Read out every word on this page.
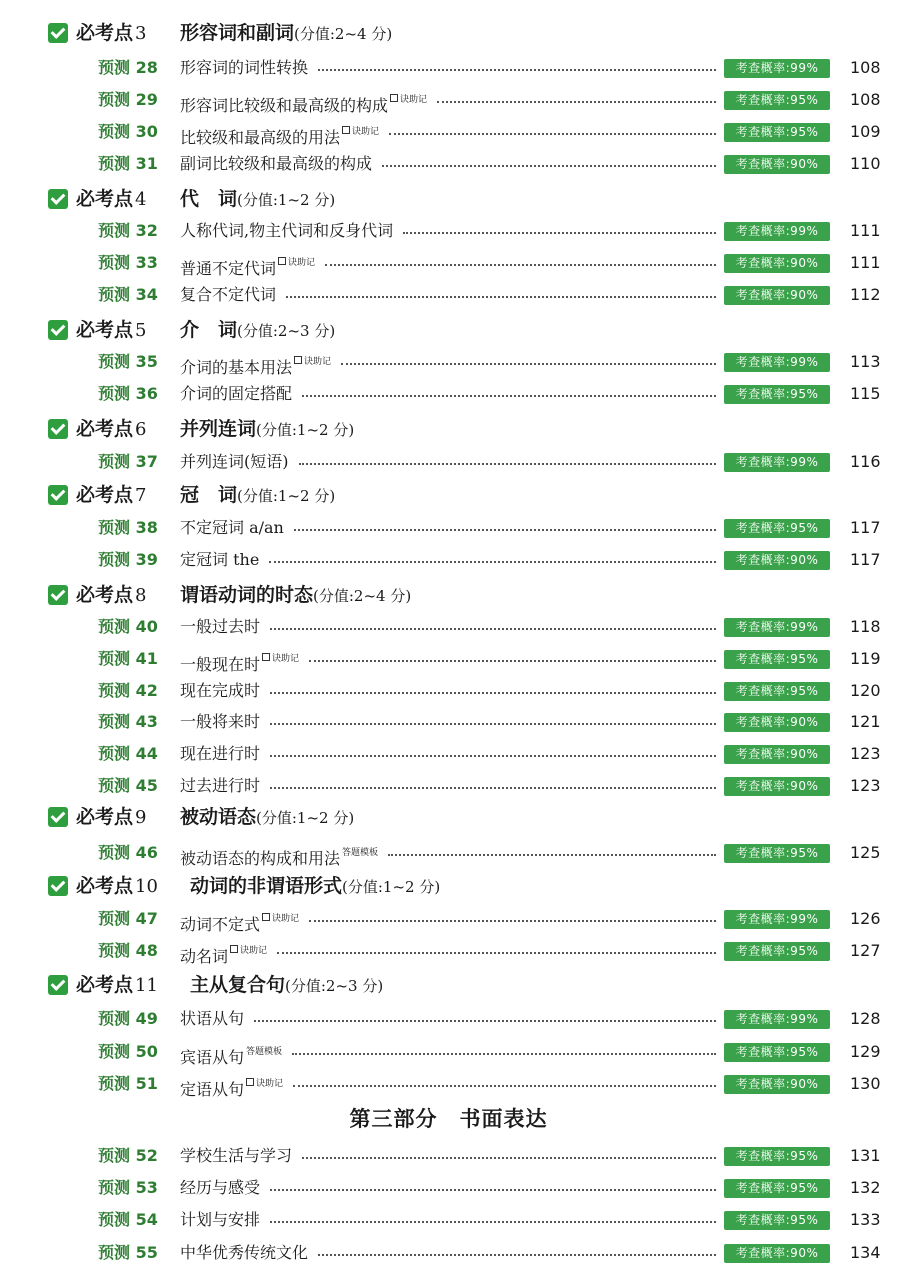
必考点 3 形容词和副词(分值:2~4 分)
预测 28 形容词的词性转换	考查概率:99%	108
预测 29 形容词比较级和最高级的构成 $^{诀助记}$	考查概率:95%	108
预测 30 比较级和最高级的用法 $^{诀助记}$	考查概率:95%	109
预测 31 副词比较级和最高级的构成	考查概率:90%	110
必考点 4 代　词(分值:1~2 分)
预测 32 人称代词,物主代词和反身代词	考查概率:99%	111
预测 33 普通不定代词 $^{诀助记}$	考查概率:90%	111
预测 34 复合不定代词	考查概率:90%	112
必考点 5 介　词(分值:2~3 分)
预测 35 介词的基本用法 $^{诀助记}$	考查概率:99%	113
预测 36 介词的固定搭配	考查概率:95%	115
必考点 6 并列连词(分值:1~2 分)
预测 37 并列连词(短语)	考查概率:99%	116
必考点 7 冠　词(分值:1~2 分)
预测 38 不定冠词 a/an	考查概率:95%	117
预测 39 定冠词 the	考查概率:90%	117
必考点 8 谓语动词的时态(分值:2~4 分)
预测 40 一般过去时	考查概率:99%	118
预测 41 一般现在时 $^{诀助记}$	考查概率:95%	119
预测 42 现在完成时	考查概率:95%	120
预测 43 一般将来时	考查概率:90%	121
预测 44 现在进行时	考查概率:90%	123
预测 45 过去进行时	考查概率:90%	123
必考点 9 被动语态(分值:1~2 分)
预测 46 被动语态的构成和用法 $^{答题模板}$	考查概率:95%	125
必考点 10 动词的非谓语形式(分值:1~2 分)
预测 47 动词不定式 $^{诀助记}$	考查概率:99%	126
预测 48 动名词 $^{诀助记}$	考查概率:95%	127
必考点 11 主从复合句(分值:2~3 分)
预测 49 状语从句	考查概率:99%	128
预测 50 宾语从句 $^{答题模板}$	考查概率:95%	129
预测 51 定语从句 $^{诀助记}$	考查概率:90%	130
预测 52 学校生活与学习	考查概率:95%	131
预测 53 经历与感受	考查概率:95%	132
预测 54 计划与安排	考查概率:95%	133
预测 55 中华优秀传统文化	考查概率:90%	134
第三部分　书面表达
